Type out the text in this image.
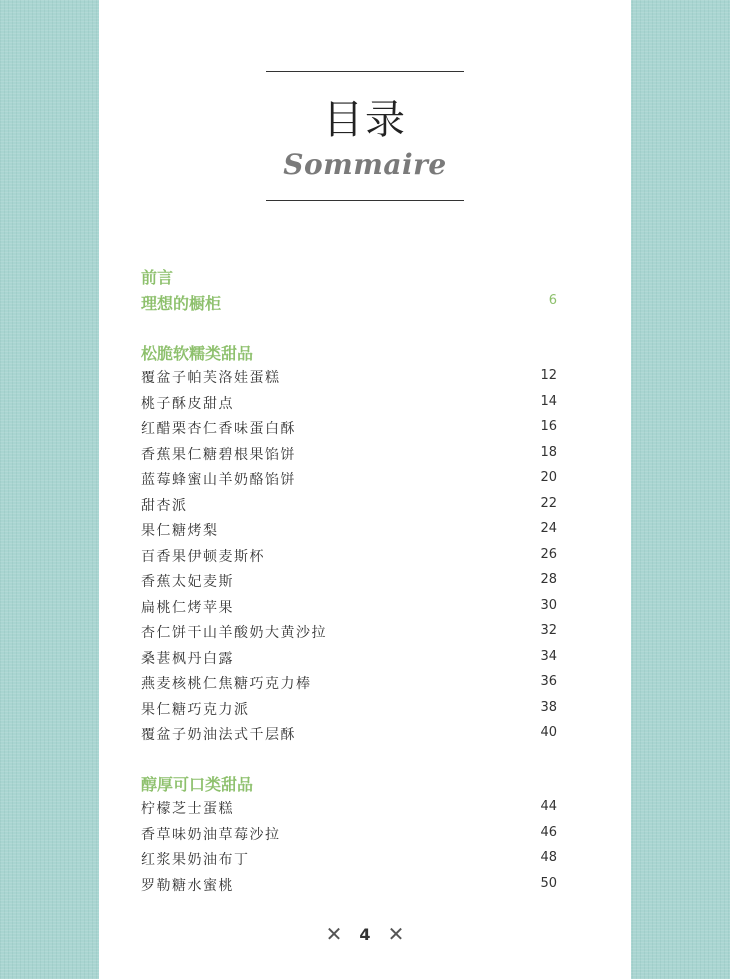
目录
Sommaire
前言
理想的橱柜	6
松脆软糯类甜品
覆盆子帕芙洛娃蛋糕	12
桃子酥皮甜点	14
红醋栗杏仁香味蛋白酥	16
香蕉果仁糖碧根果馅饼	18
蓝莓蜂蜜山羊奶酪馅饼	20
甜杏派	22
果仁糖烤梨	24
百香果伊顿麦斯杯	26
香蕉太妃麦斯	28
扁桃仁烤苹果	30
杏仁饼干山羊酸奶大黄沙拉	32
桑葚枫丹白露	34
燕麦核桃仁焦糖巧克力棒	36
果仁糖巧克力派	38
覆盆子奶油法式千层酥	40
醇厚可口类甜品
柠檬芝士蛋糕	44
香草味奶油草莓沙拉	46
红浆果奶油布丁	48
罗勒糖水蜜桃	50
✕ 4 ✕
